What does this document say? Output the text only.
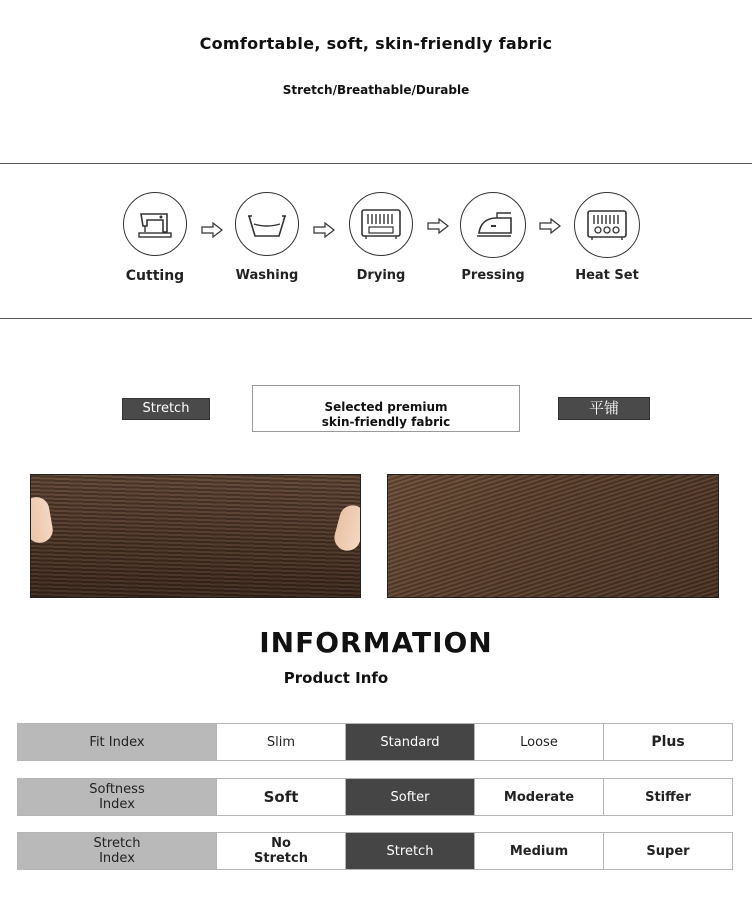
Comfortable, soft, skin-friendly fabric
Stretch/Breathable/Durable
Cutting	Washing	Drying	Pressing	Heat Set
Stretch	Selected premium
skin-friendly fabric
平铺
INFORMATION
Product Info
Fit Index	Slim	Standard	Loose	Plus
Softness Index	Soft	Softer	Moderate	Stiffer
Stretch Index	No Stretch	Stretch	Medium	Super
